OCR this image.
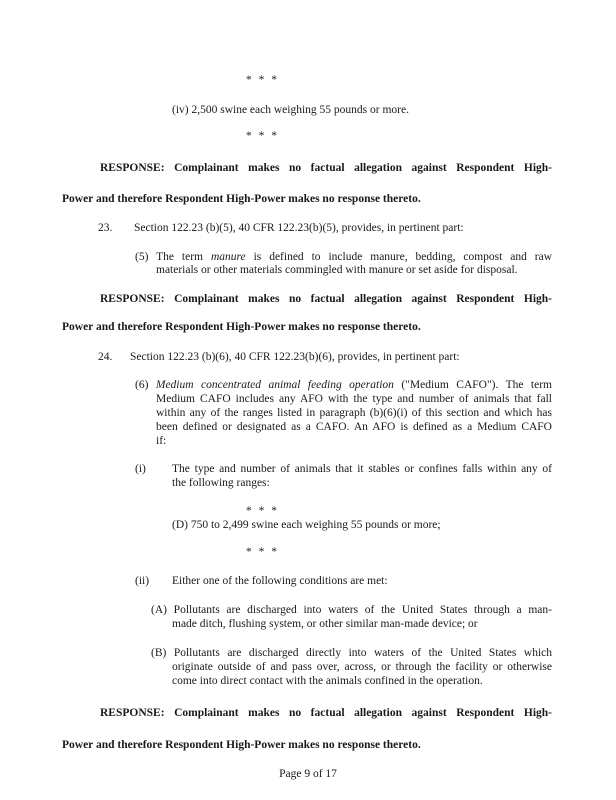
* * *
(iv) 2,500 swine each weighing 55 pounds or more.
* * *
RESPONSE: Complainant makes no factual allegation against Respondent High-
Power and therefore Respondent High-Power makes no response thereto.
23. Section 122.23 (b)(5), 40 CFR 122.23(b)(5), provides, in pertinent part:
(5) The term manure is defined to include manure, bedding, compost and raw
materials or other materials commingled with manure or set aside for disposal.
RESPONSE: Complainant makes no factual allegation against Respondent High-
Power and therefore Respondent High-Power makes no response thereto.
24. Section 122.23 (b)(6), 40 CFR 122.23(b)(6), provides, in pertinent part:
(6) Medium concentrated animal feeding operation ("Medium CAFO"). The term
Medium CAFO includes any AFO with the type and number of animals that fall
within any of the ranges listed in paragraph (b)(6)(i) of this section and which has
been defined or designated as a CAFO. An AFO is defined as a Medium CAFO
if:
(i) The type and number of animals that it stables or confines falls within any of
the following ranges:
* * *
(D) 750 to 2,499 swine each weighing 55 pounds or more;
* * *
(ii) Either one of the following conditions are met:
(A) Pollutants are discharged into waters of the United States through a man-
made ditch, flushing system, or other similar man-made device; or
(B) Pollutants are discharged directly into waters of the United States which
originate outside of and pass over, across, or through the facility or otherwise
come into direct contact with the animals confined in the operation.
RESPONSE: Complainant makes no factual allegation against Respondent High-
Power and therefore Respondent High-Power makes no response thereto.
Page 9 of 17
